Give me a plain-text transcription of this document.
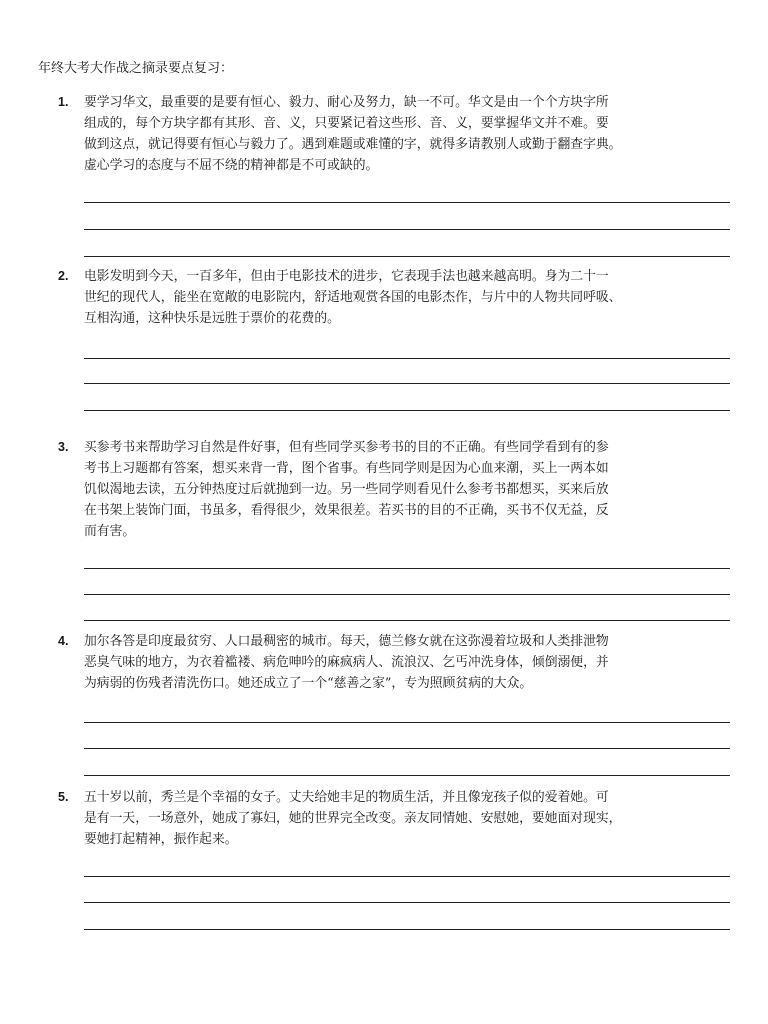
年终大考大作战之摘录要点复习：
1. 要学习华文，最重要的是要有恒心、毅力、耐心及努力，缺一不可。华文是由一个个方块字所
组成的，每个方块字都有其形、音、义，只要紧记着这些形、音、义，要掌握华文并不难。要
做到这点，就记得要有恒心与毅力了。遇到难题或难懂的字，就得多请教别人或勤于翻查字典。
虚心学习的态度与不屈不绕的精神都是不可或缺的。
2. 电影发明到今天，一百多年，但由于电影技术的进步，它表现手法也越来越高明。身为二十一
世纪的现代人，能坐在宽敞的电影院内，舒适地观赏各国的电影杰作，与片中的人物共同呼吸、
互相沟通，这种快乐是远胜于票价的花费的。
3. 买参考书来帮助学习自然是件好事，但有些同学买参考书的目的不正确。有些同学看到有的参
考书上习题都有答案，想买来背一背，图个省事。有些同学则是因为心血来潮，买上一两本如
饥似渴地去读，五分钟热度过后就抛到一边。另一些同学则看见什么参考书都想买，买来后放
在书架上装饰门面，书虽多，看得很少，效果很差。若买书的目的不正确，买书不仅无益，反
而有害。
4. 加尔各答是印度最贫穷、人口最稠密的城市。每天，德兰修女就在这弥漫着垃圾和人类排泄物
恶臭气味的地方，为衣着褴褛、病危呻吟的麻疯病人、流浪汉、乞丐冲洗身体，倾倒溺便，并
为病弱的伤残者清洗伤口。她还成立了一个“慈善之家”，专为照顾贫病的大众。
5. 五十岁以前，秀兰是个幸福的女子。丈夫给她丰足的物质生活，并且像宠孩子似的爱着她。可
是有一天，一场意外，她成了寡妇，她的世界完全改变。亲友同情她、安慰她，要她面对现实，
要她打起精神，振作起来。
